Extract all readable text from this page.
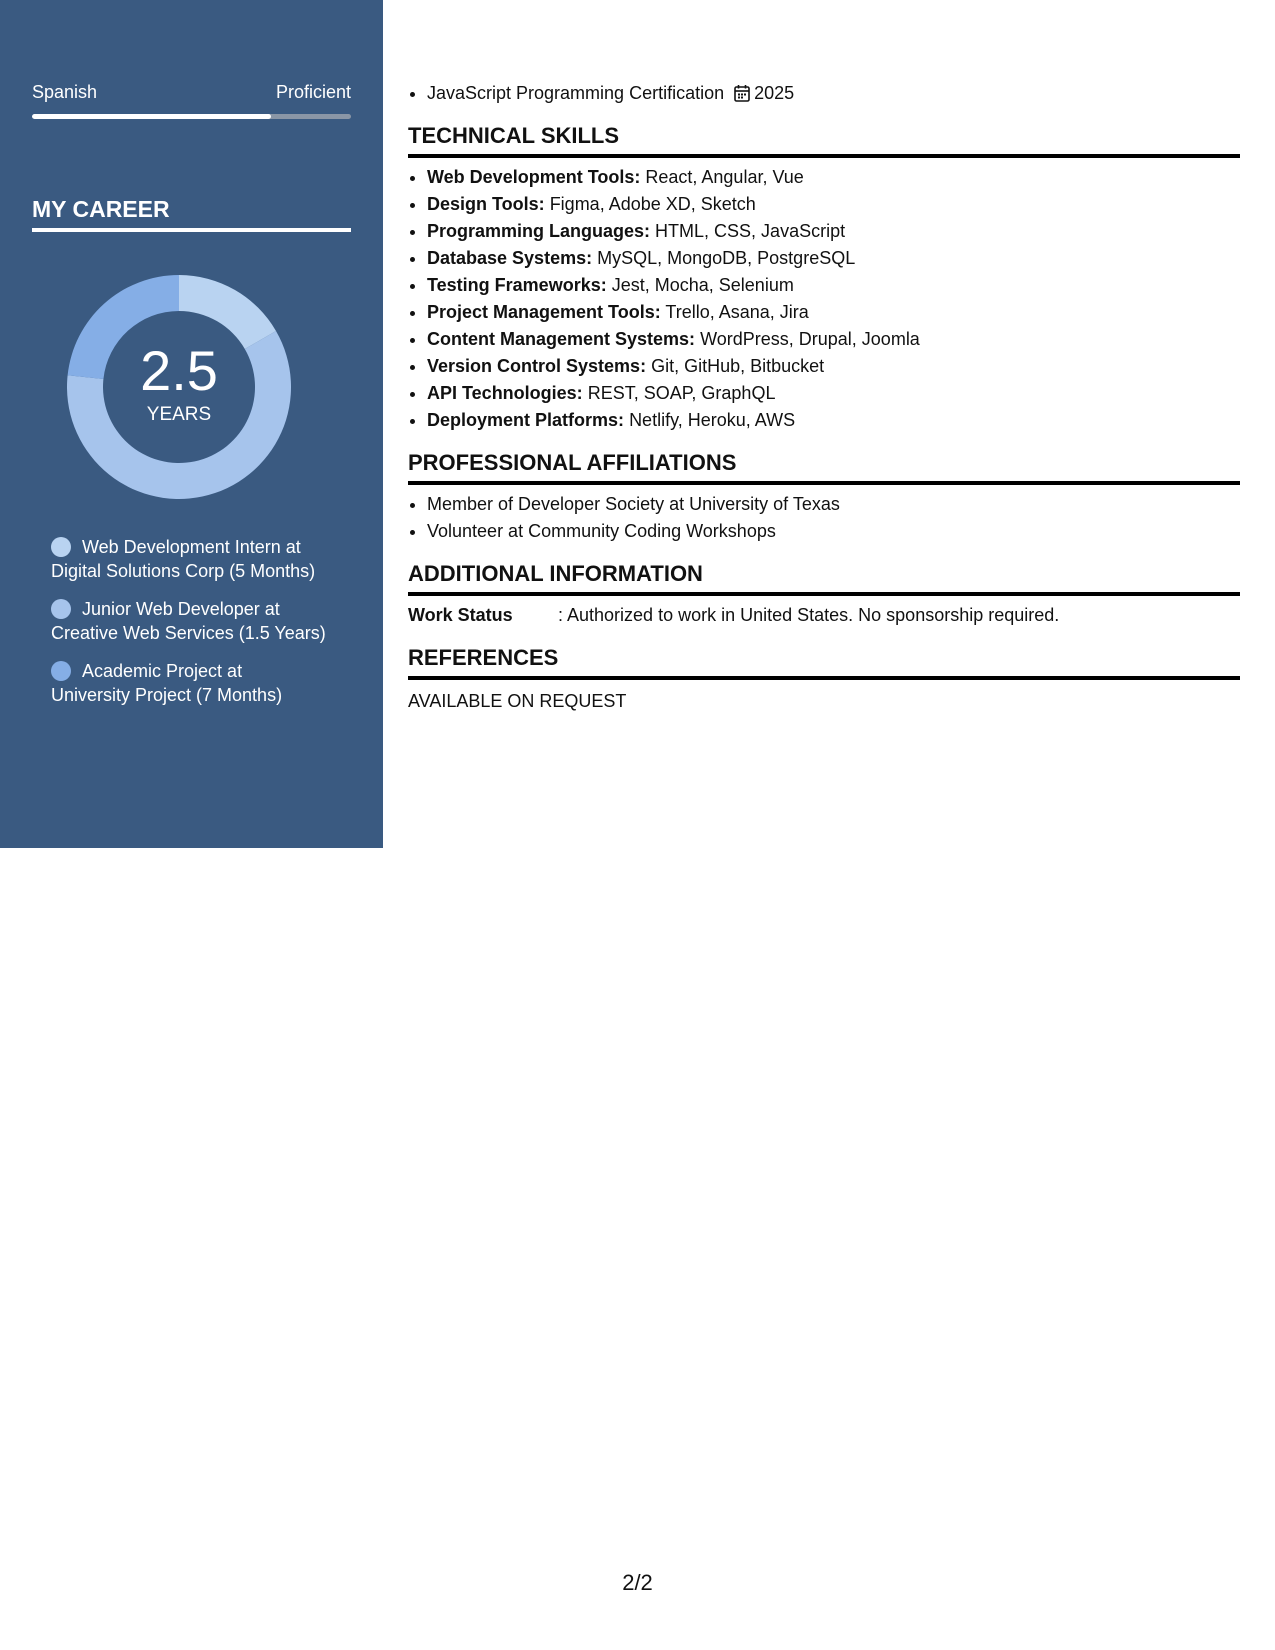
Spanish	Proficient
MY CAREER
2.5
YEARS
Web Development Intern at Digital Solutions Corp (5 Months)
Junior Web Developer at Creative Web Services (1.5 Years)
Academic Project at University Project (7 Months)
• JavaScript Programming Certification 2025
TECHNICAL SKILLS
• Web Development Tools: React, Angular, Vue
• Design Tools: Figma, Adobe XD, Sketch
• Programming Languages: HTML, CSS, JavaScript
• Database Systems: MySQL, MongoDB, PostgreSQL
• Testing Frameworks: Jest, Mocha, Selenium
• Project Management Tools: Trello, Asana, Jira
• Content Management Systems: WordPress, Drupal, Joomla
• Version Control Systems: Git, GitHub, Bitbucket
• API Technologies: REST, SOAP, GraphQL
• Deployment Platforms: Netlify, Heroku, AWS
PROFESSIONAL AFFILIATIONS
• Member of Developer Society at University of Texas
• Volunteer at Community Coding Workshops
ADDITIONAL INFORMATION
Work Status	: Authorized to work in United States. No sponsorship required.
REFERENCES
AVAILABLE ON REQUEST
2/2
